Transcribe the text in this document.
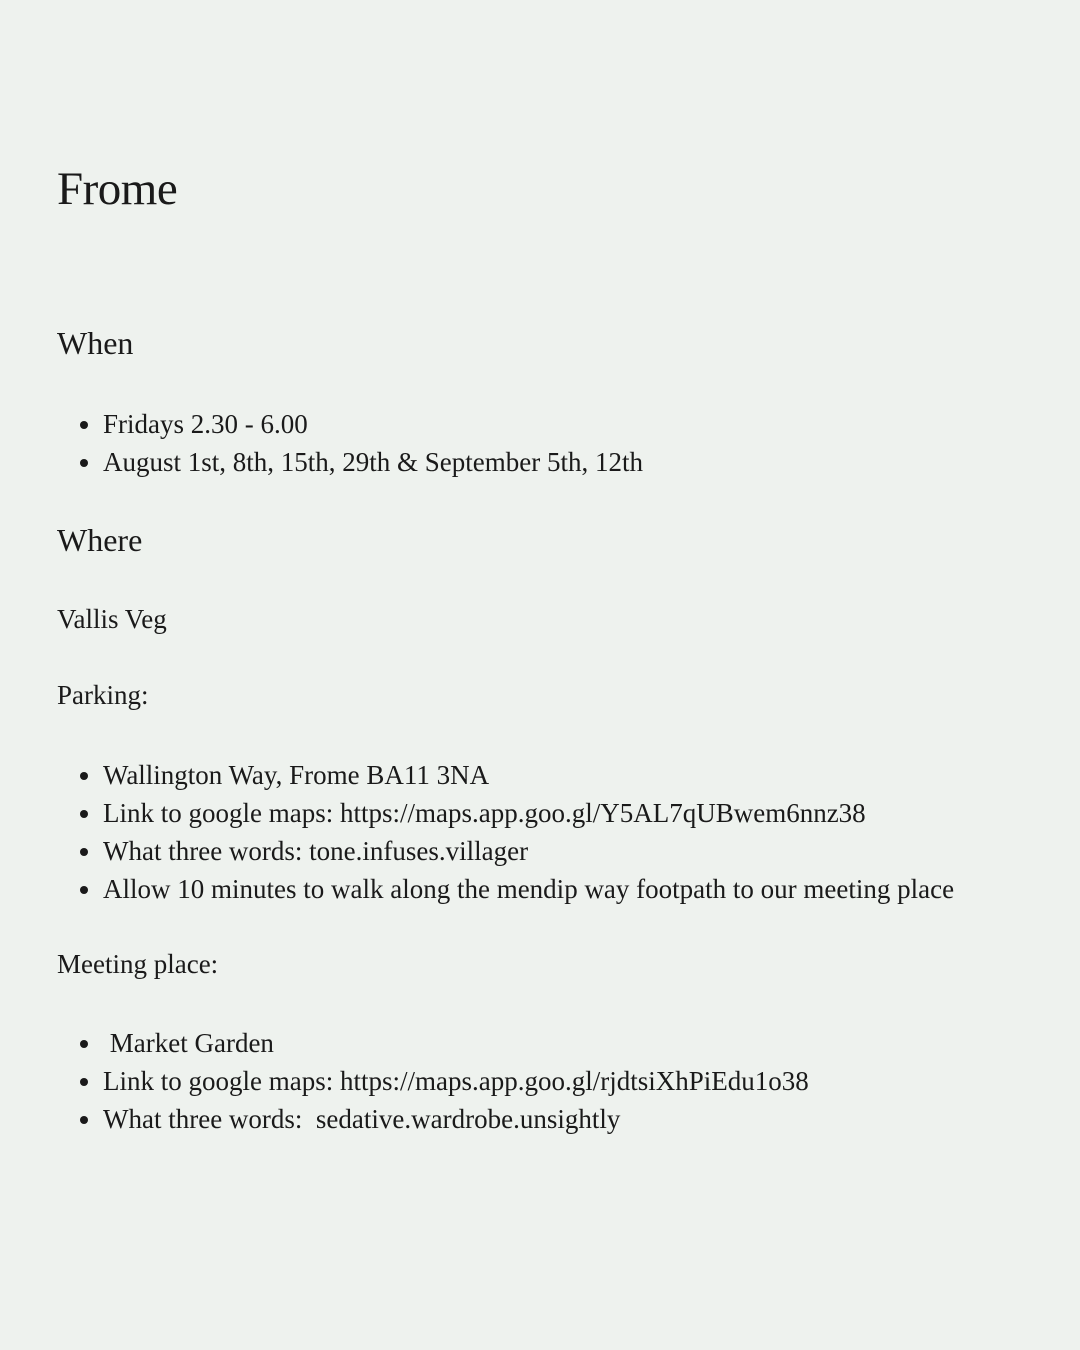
Frome
When
• Fridays 2.30 - 6.00
• August 1st, 8th, 15th, 29th & September 5th, 12th
Where

Vallis Veg

Parking:
• Wallington Way, Frome BA11 3NA
• Link to google maps: https://maps.app.goo.gl/Y5AL7qUBwem6nnz38
• What three words: tone.infuses.villager
• Allow 10 minutes to walk along the mendip way footpath to our meeting place
Meeting place:
•  Market Garden
• Link to google maps: https://maps.app.goo.gl/rjdtsiXhPiEdu1o38
• What three words:  sedative.wardrobe.unsightly
